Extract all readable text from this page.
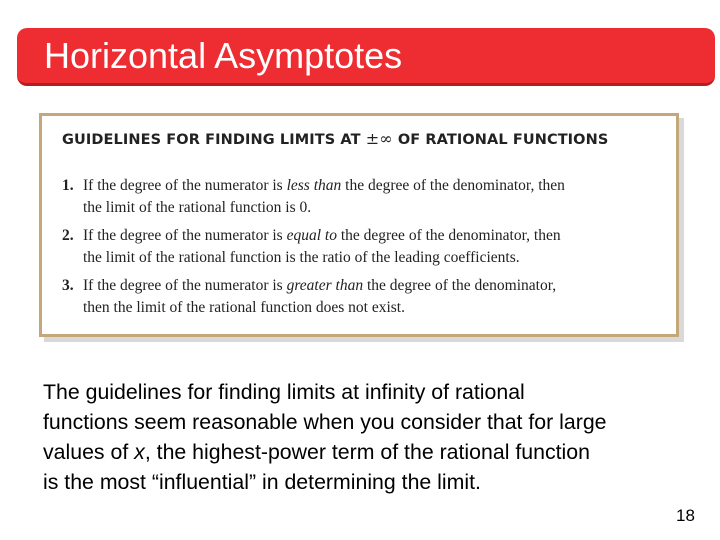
Horizontal Asymptotes
GUIDELINES FOR FINDING LIMITS AT ±∞ OF RATIONAL FUNCTIONS
1. If the degree of the numerator is less than the degree of the denominator, then
the limit of the rational function is 0.
2. If the degree of the numerator is equal to the degree of the denominator, then
the limit of the rational function is the ratio of the leading coefficients.
3. If the degree of the numerator is greater than the degree of the denominator,
then the limit of the rational function does not exist.
The guidelines for finding limits at infinity of rational
functions seem reasonable when you consider that for large
values of x, the highest-power term of the rational function
is the most “influential” in determining the limit.
18
